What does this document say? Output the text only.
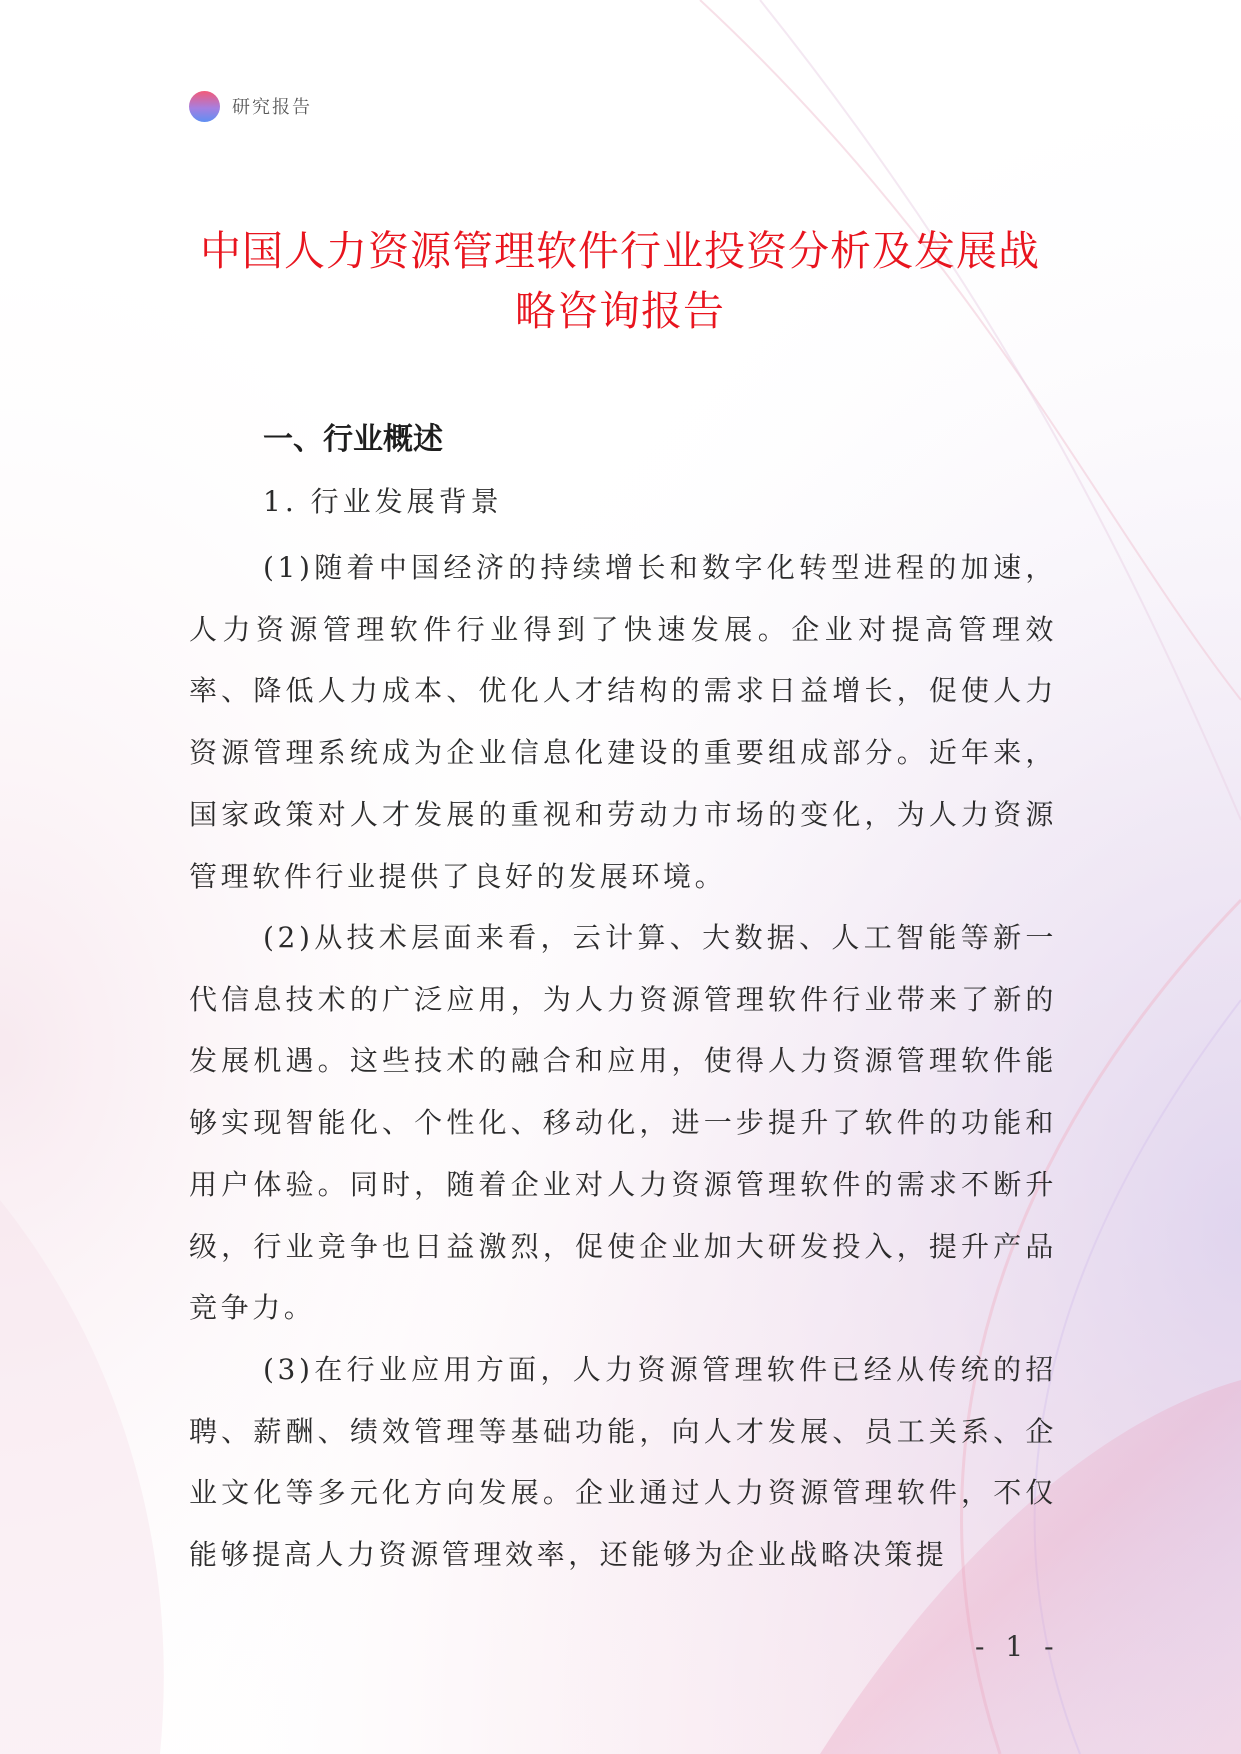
研究报告
中国人力资源管理软件行业投资分析及发展战略咨询报告
一、行业概述
1. 行业发展背景

(1)随着中国经济的持续增长和数字化转型进程的加速，人力资源管理软件行业得到了快速发展。企业对提高管理效率、降低人力成本、优化人才结构的需求日益增长，促使人力资源管理系统成为企业信息化建设的重要组成部分。近年来，国家政策对人才发展的重视和劳动力市场的变化，为人力资源管理软件行业提供了良好的发展环境。

(2)从技术层面来看，云计算、大数据、人工智能等新一代信息技术的广泛应用，为人力资源管理软件行业带来了新的发展机遇。这些技术的融合和应用，使得人力资源管理软件能够实现智能化、个性化、移动化，进一步提升了软件的功能和用户体验。同时，随着企业对人力资源管理软件的需求不断升级，行业竞争也日益激烈，促使企业加大研发投入，提升产品竞争力。

(3)在行业应用方面，人力资源管理软件已经从传统的招聘、薪酬、绩效管理等基础功能，向人才发展、员工关系、企业文化等多元化方向发展。企业通过人力资源管理软件，不仅能够提高人力资源管理效率，还能够为企业战略决策提

- 1 -
